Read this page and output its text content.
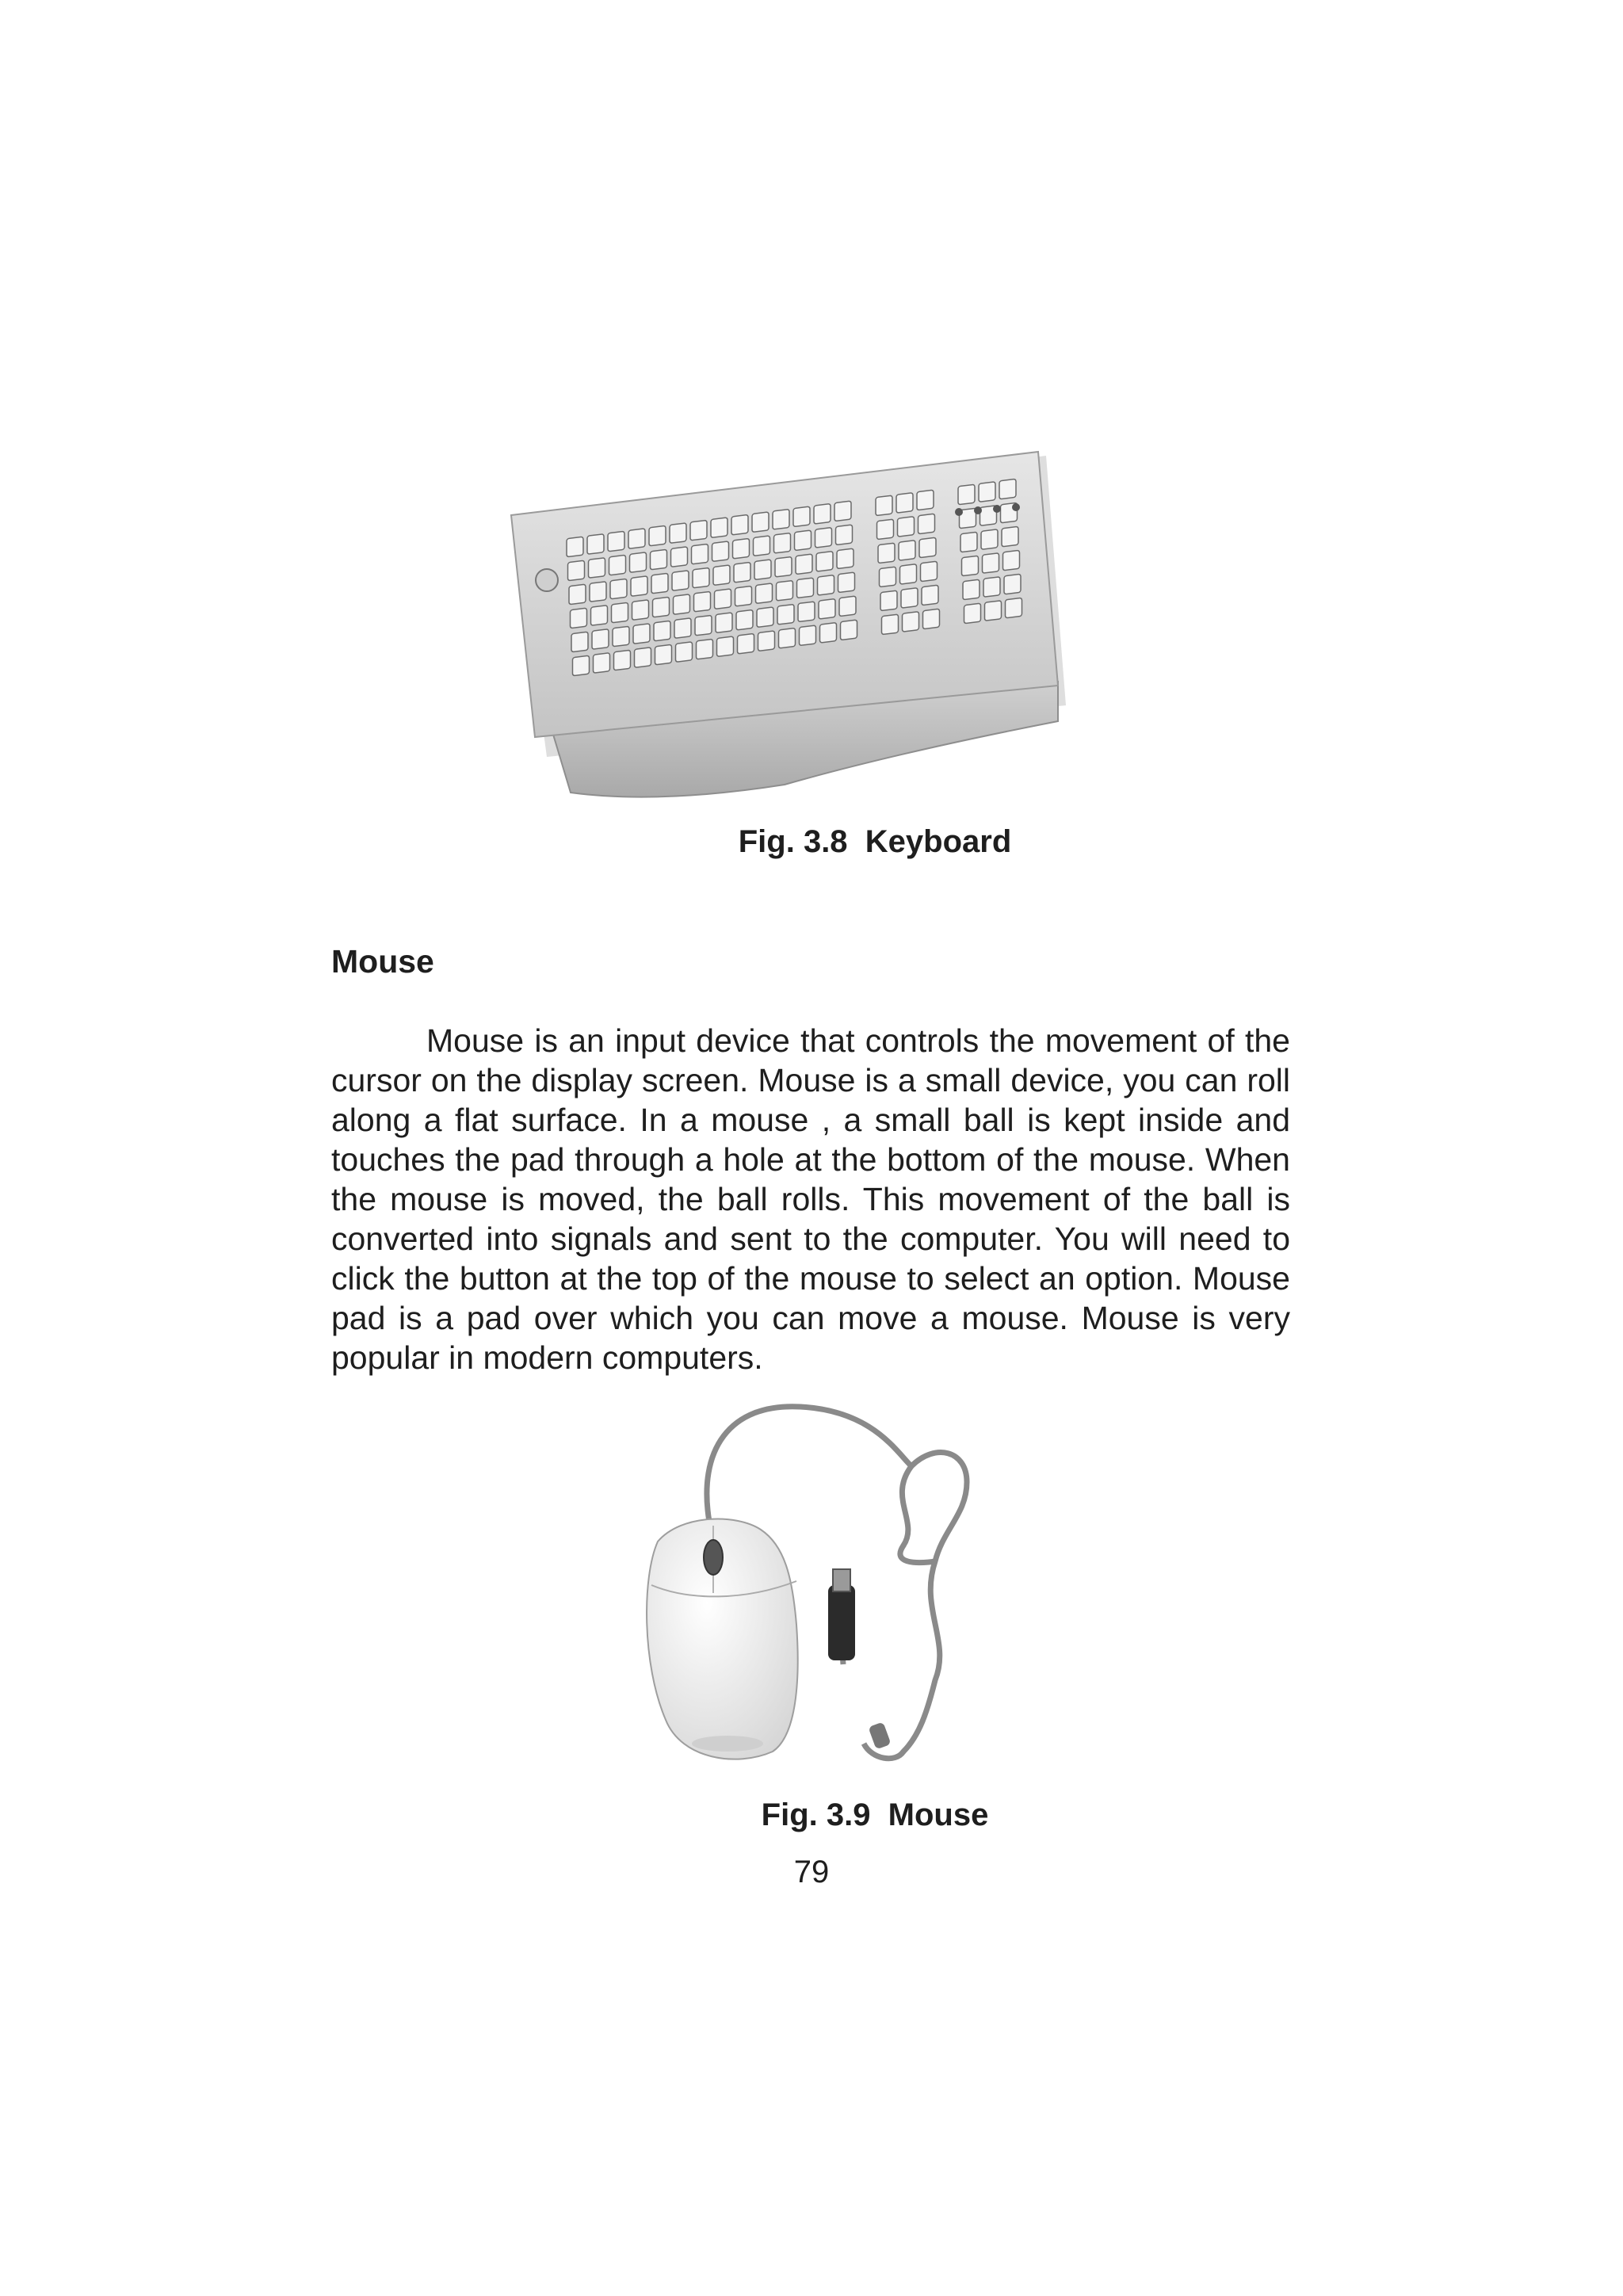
Fig. 3.8  Keyboard
Mouse

Mouse is an input device that controls the movement of the cursor on the display screen. Mouse is a small device, you can roll along a flat surface. In a mouse , a small ball is kept inside and touches the pad through a hole at the bottom of the mouse. When the mouse is moved, the ball rolls. This movement of the ball is converted into signals and sent to the computer. You will need to click the button at the top of the mouse to select an option. Mouse pad is a pad over which you can move a mouse. Mouse is very popular in modern computers.

Fig. 3.9  Mouse
79
